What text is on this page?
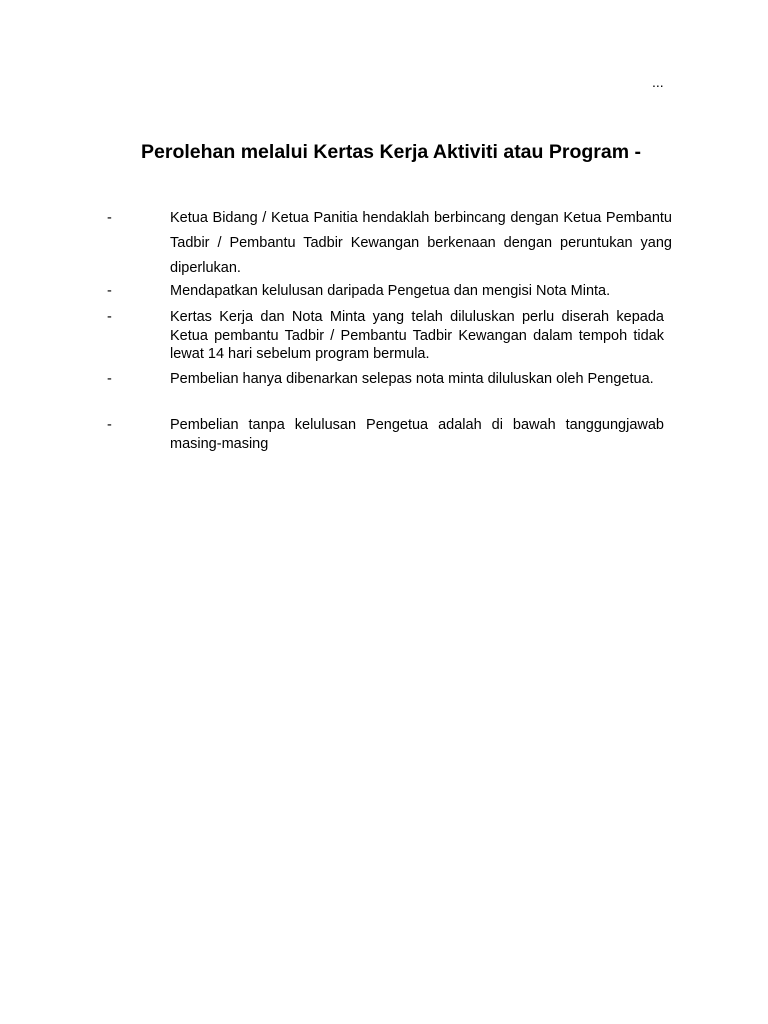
...
Perolehan melalui Kertas Kerja Aktiviti atau Program -
-	Ketua Bidang / Ketua Panitia hendaklah berbincang dengan Ketua Pembantu Tadbir / Pembantu Tadbir Kewangan berkenaan dengan peruntukan yang diperlukan.

-	Mendapatkan kelulusan daripada Pengetua dan mengisi Nota Minta.

-	Kertas Kerja dan Nota Minta yang telah diluluskan perlu diserah kepada Ketua pembantu Tadbir / Pembantu Tadbir Kewangan dalam tempoh tidak lewat 14 hari sebelum program bermula.

-	Pembelian hanya dibenarkan selepas nota minta diluluskan oleh Pengetua.

-	Pembelian tanpa kelulusan Pengetua adalah di bawah tanggungjawab masing-masing
